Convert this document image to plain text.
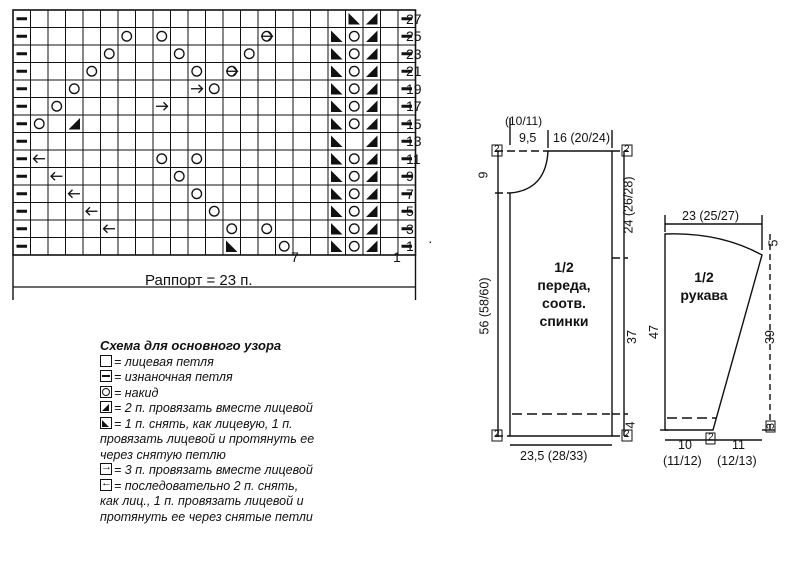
27
25
23
21
19
17
15
13
11
9
7
5
3
1 ·
7	1
Раппорт = 23 п.
Схема для основного узора
= лицевая петля
= изнаночная петля
= накид
= 2 п. провязать вместе лицевой
= 1 п. снять, как лицевую, 1 п.
провязать лицевой и протянуть ее
через снятую петлю
→= 3 п. провязать вместе лицевой
←= последовательно 2 п. снять,
как лиц., 1 п. провязать лицевой и
протянуть ее через снятые петли
(10/11)
9,5 16 (20/24)
2	2
2	2
9
56 (58/60)
24 (26/28)
37
4
23,5 (28/33)
1/2
переда,
соотв.
спинки
23 (25/27)
5
47	39
3
10
(11/12)
2
11
(12/13)
1/2
рукава
